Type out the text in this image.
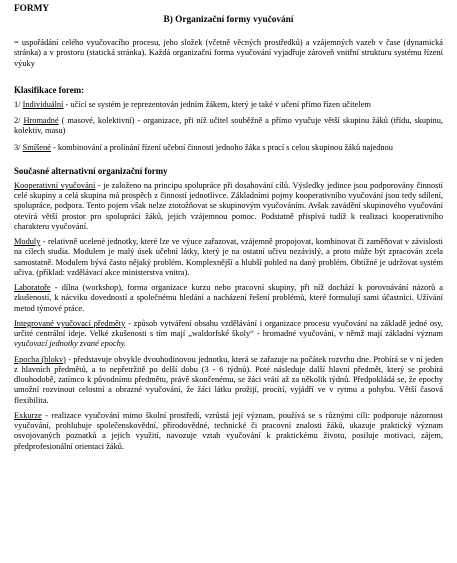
FORMY
B) Organizační formy vyučování

= uspořádání celého vyučovacího procesu, jeho složek (včetně věcných prostředků) a vzájemných vazeb v čase (dynamická stránka) a v prostoru (statická stránka). Každá organizační forma vyučování vyjadřuje zároveň vnitřní strukturu systému řízení výuky

Klasifikace forem:

1/ Individuální - učící se systém je reprezentován jedním žákem, který je také v učení přímo řízen učitelem

2/ Hromadné ( masové, kolektivní) - organizace, při níž učitel souběžně a přímo vyučuje větší skupinu žáků (třídu, skupinu, kolektiv, masu)

3/ Smíšené - kombinování a prolínání řízení učební činnosti jednoho žáka s prací s celou skupinou žáků najednou

Současné alternativní organizační formy

Kooperativní vyučování - je založeno na principu spolupráce při dosahování cílů. Výsledky jedince jsou podporovány činností celé skupiny a celá skupina má prospěch z činností jednotlivce. Základními pojmy kooperativního vyučování jsou tedy sdílení, spolupráce, podpora. Tento pojem však nelze ztotožňovat se skupinovým vyučováním. Avšak zavádění skupinového vyučování otevírá větší prostor pro spolupráci žáků, jejich vzájemnou pomoc. Podstatně přispívá tudíž k realizaci kooperativního charakteru vyučování.

Moduly - relativně ucelené jednotky, které lze ve výuce zařazovat, vzájemně propojovat, kombinovat či zaměňovat v závislosti na cílech studia. Modulem je malý úsek učební látky, který je na ostatní učivu nezávislý, a proto může být zpracován zcela samostatně. Modulem bývá často nějaký problém. Komplexnější a hlubší pohled na daný problém. Obtížné je udržovat systém učiva. (příklad: vzdělávací akce ministerstva vnitra).

Laboratoře - dílna (workshop), forma organizace kurzu nebo pracovní skupiny, při níž dochází k porovnávání názorů a zkušeností, k nácviku dovedností a společnému hledání a nacházení řešení problémů, které formulují sami účastníci. Užívání metod týmové práce.

Integrované vyučovací předměty - způsob vytváření obsahu vzdělávání i organizace procesu vyučování na základě jedné osy, určité centrální ideje. Velké zkušenosti s tím mají „waldorfské školy“ - hromadné vyučování, v němž mají základní význam vyučovací jednotky zvané epochy.

Epocha (blokv) - představuje obvykle dvouhodinovou jednotku, která se zařazuje na počátek rozvrhu dne. Probírá se v ní jeden z hlavních předmětů, a to nepřetržitě po delší dobu (3 - 6 týdnů). Poté následuje další hlavní předmět, který se probírá dlouhodobě, zatímco k původnímu předmětu, právě skončenému, se žáci vrátí až za několik týdnů. Předpokládá se, že epochy umožní rozvinout celostní a obrazné vyučování, že žáci látku prožijí, procítí, vyjádří ve v rytmu a pohybu. Větší časová flexibilita.

Exkurze - realizace vyučování mimo školní prostředí, vzrůstá její význam, používá se s různými cíli: podporuje názornost vyučování, prohlubuje společenskovědní, přírodovědné, technické či pracovní znalosti žáků, ukazuje praktický význam osvojovaných poznatků a jejich využití, navozuje vztah vyučování k praktickému životu, posiluje motivaci, zájem, předprofesionální orientaci žáků.
